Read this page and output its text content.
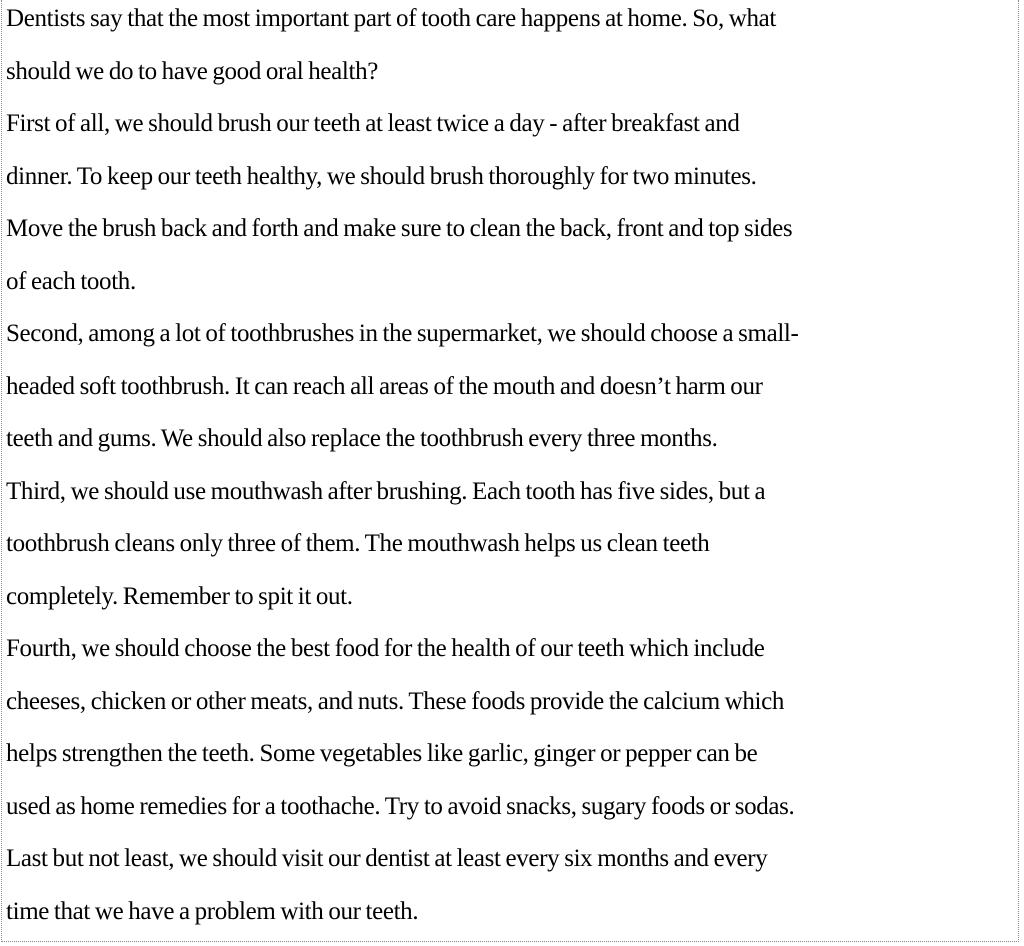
Dentists say that the most important part of tooth care happens at home. So, what
should we do to have good oral health?
First of all, we should brush our teeth at least twice a day - after breakfast and
dinner. To keep our teeth healthy, we should brush thoroughly for two minutes.
Move the brush back and forth and make sure to clean the back, front and top sides
of each tooth.
Second, among a lot of toothbrushes in the supermarket, we should choose a small-
headed soft toothbrush. It can reach all areas of the mouth and doesn’t harm our
teeth and gums. We should also replace the toothbrush every three months.
Third, we should use mouthwash after brushing. Each tooth has five sides, but a
toothbrush cleans only three of them. The mouthwash helps us clean teeth
completely. Remember to spit it out.
Fourth, we should choose the best food for the health of our teeth which include
cheeses, chicken or other meats, and nuts. These foods provide the calcium which
helps strengthen the teeth. Some vegetables like garlic, ginger or pepper can be
used as home remedies for a toothache. Try to avoid snacks, sugary foods or sodas.
Last but not least, we should visit our dentist at least every six months and every
time that we have a problem with our teeth.
